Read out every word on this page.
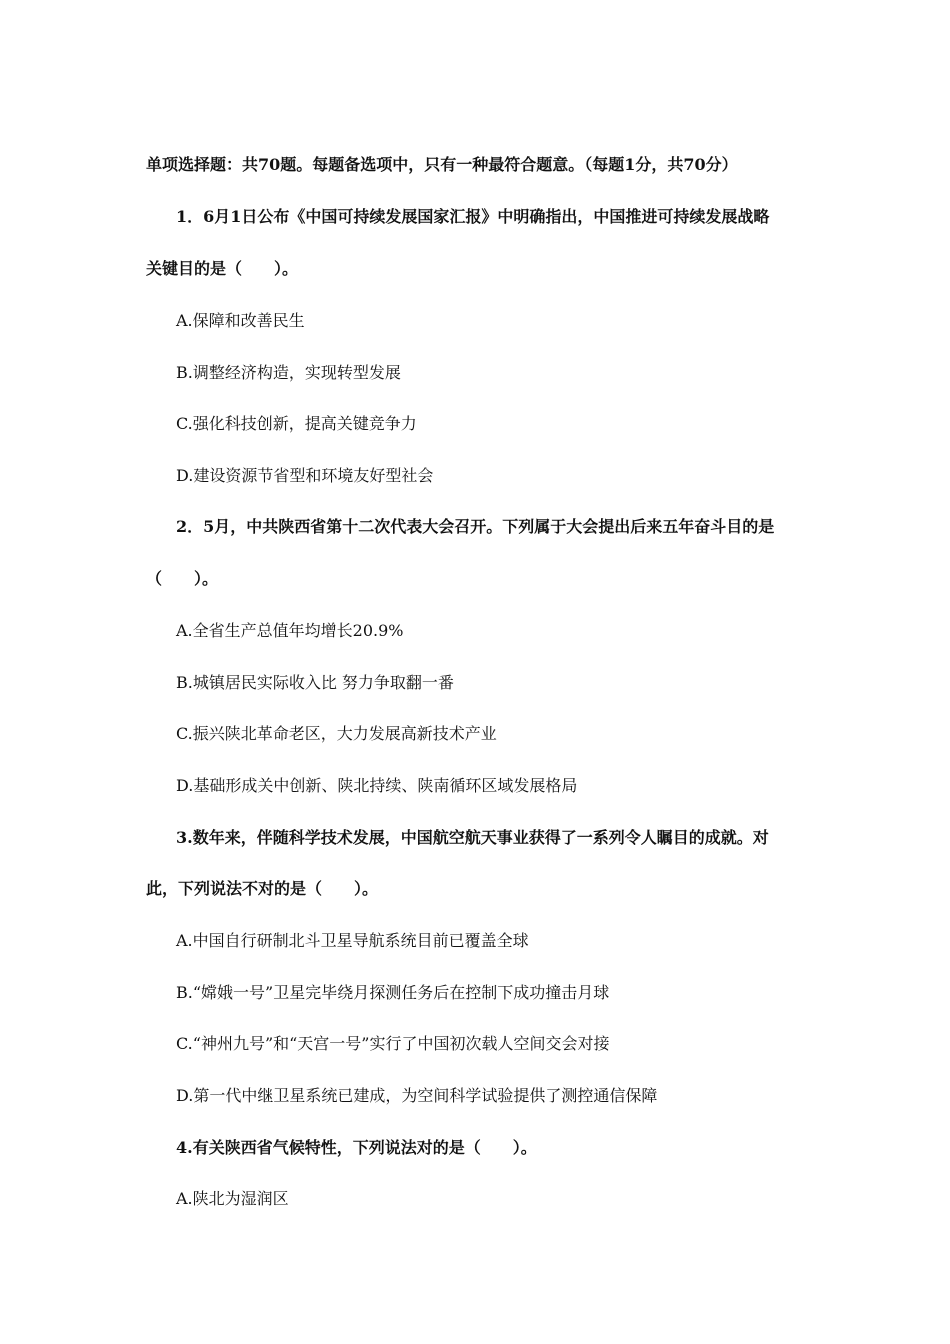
单项选择题：共70题。每题备选项中，只有一种最符合题意。（每题1分，共70分）
1．6月1日公布《中国可持续发展国家汇报》中明确指出，中国推进可持续发展战略
关键目的是（　　）。
A.保障和改善民生
B.调整经济构造，实现转型发展
C.强化科技创新，提高关键竞争力
D.建设资源节省型和环境友好型社会
2．5月，中共陕西省第十二次代表大会召开。下列属于大会提出后来五年奋斗目的是
（　　）。
A.全省生产总值年均增长20.9%
B.城镇居民实际收入比 努力争取翻一番
C.振兴陕北革命老区，大力发展高新技术产业
D.基础形成关中创新、陕北持续、陕南循环区域发展格局
3.数年来，伴随科学技术发展，中国航空航天事业获得了一系列令人瞩目的成就。对
此，下列说法不对的是（　　）。
A.中国自行研制北斗卫星导航系统目前已覆盖全球
B.“嫦娥一号”卫星完毕绕月探测任务后在控制下成功撞击月球
C.“神州九号”和“天宫一号”实行了中国初次载人空间交会对接
D.第一代中继卫星系统已建成，为空间科学试验提供了测控通信保障
4.有关陕西省气候特性，下列说法对的是（　　）。
A.陕北为湿润区
